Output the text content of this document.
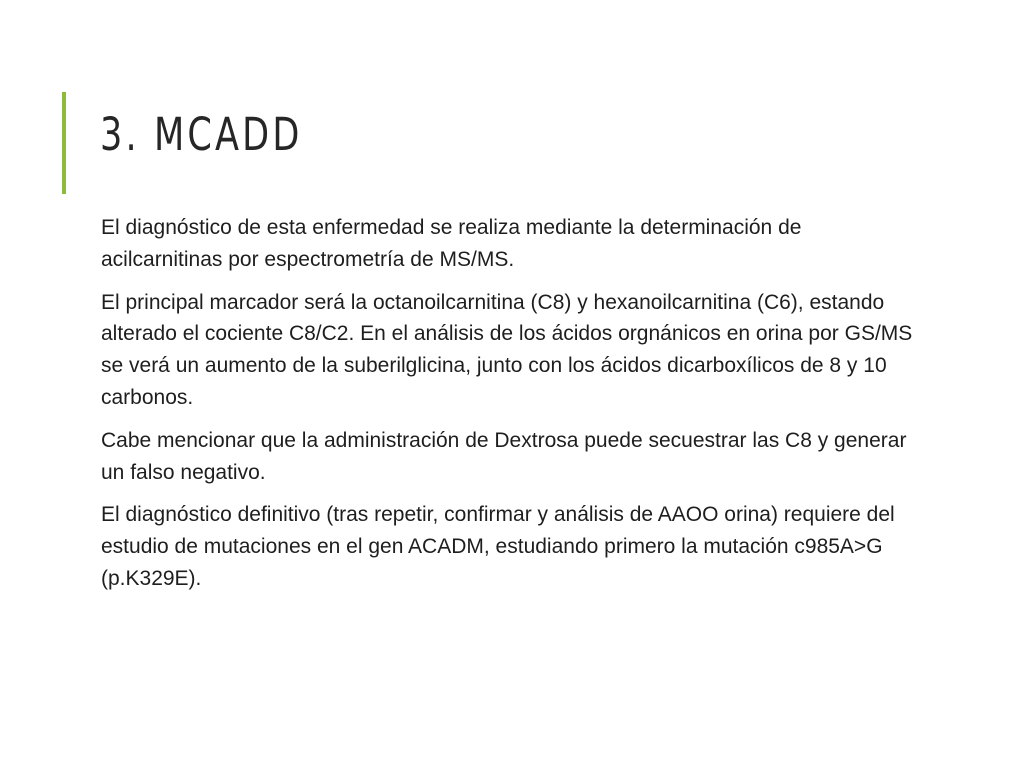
3. MCADD

El diagnóstico de esta enfermedad se realiza mediante la determinación de acilcarnitinas por espectrometría de MS/MS.

El principal marcador será la octanoilcarnitina (C8) y hexanoilcarnitina (C6), estando alterado el cociente C8/C2. En el análisis de los ácidos orgnánicos en orina por GS/MS se verá un aumento de la suberilglicina, junto con los ácidos dicarboxílicos de 8 y 10 carbonos.

Cabe mencionar que la administración de Dextrosa puede secuestrar las C8 y generar un falso negativo.

El diagnóstico definitivo (tras repetir, confirmar y análisis de AAOO orina) requiere del estudio de mutaciones en el gen ACADM, estudiando primero la mutación c985A>G (p.K329E).
